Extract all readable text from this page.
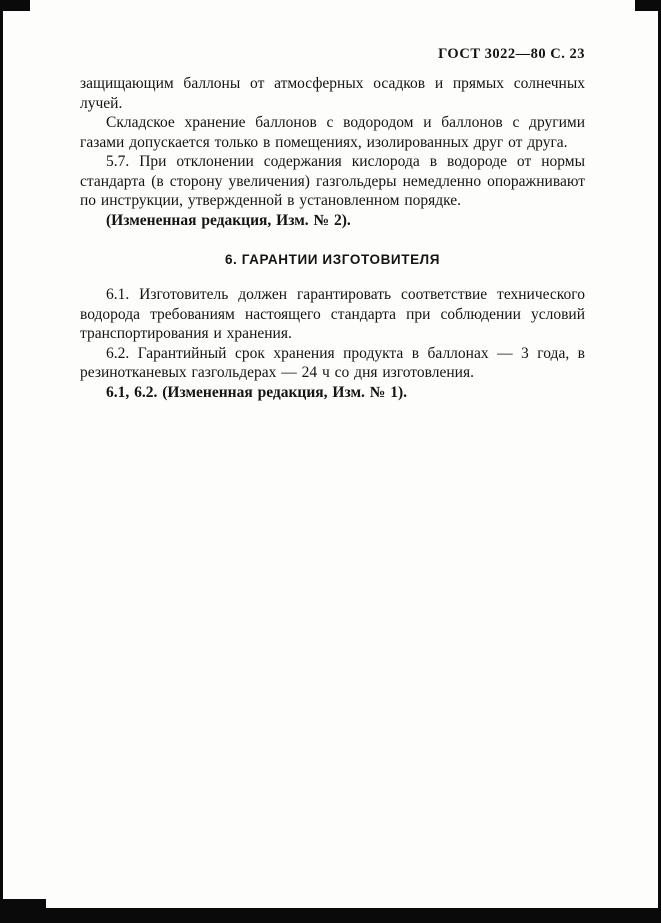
ГОСТ 3022—80 С. 23

защищающим баллоны от атмосферных осадков и прямых солнечных лучей.

Складское хранение баллонов с водородом и баллонов с другими газами допускается только в помещениях, изолированных друг от друга.

5.7. При отклонении содержания кислорода в водороде от нормы стандарта (в сторону увеличения) газгольдеры немедленно опоражнивают по инструкции, утвержденной в установленном порядке.

(Измененная редакция, Изм. № 2).

6. ГАРАНТИИ ИЗГОТОВИТЕЛЯ

6.1. Изготовитель должен гарантировать соответствие технического водорода требованиям настоящего стандарта при соблюдении условий транспортирования и хранения.

6.2. Гарантийный срок хранения продукта в баллонах — 3 года, в резинотканевых газгольдерах — 24 ч со дня изготовления.

6.1, 6.2. (Измененная редакция, Изм. № 1).
